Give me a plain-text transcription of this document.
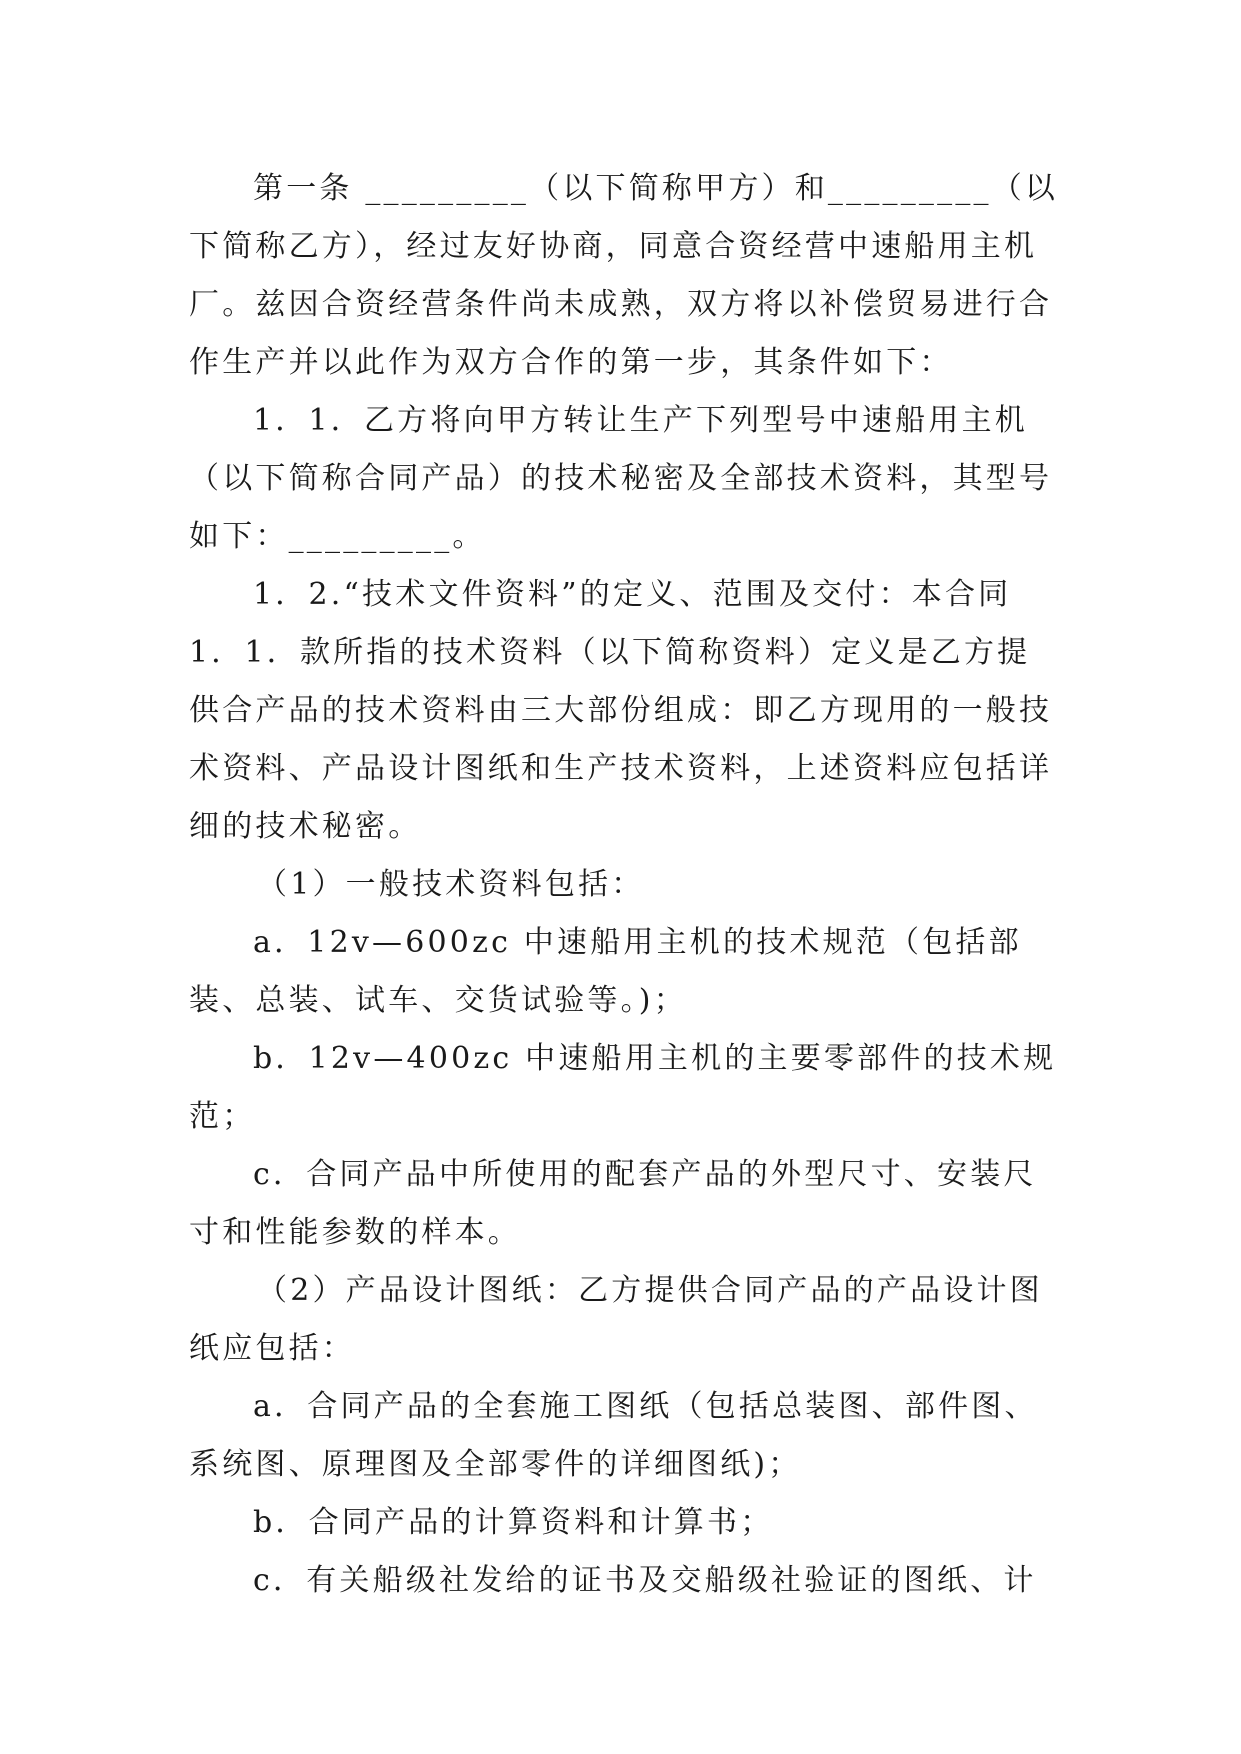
第一条 _________（以下简称甲方）和_________（以下简称乙方），经过友好协商，同意合资经营中速船用主机厂。兹因合资经营条件尚未成熟，双方将以补偿贸易进行合作生产并以此作为双方合作的第一步，其条件如下：

1．1．乙方将向甲方转让生产下列型号中速船用主机（以下简称合同产品）的技术秘密及全部技术资料，其型号如下：_________。

1．2.“技术文件资料”的定义、范围及交付：本合同1．1．款所指的技术资料（以下简称资料）定义是乙方提供合产品的技术资料由三大部份组成：即乙方现用的一般技术资料、产品设计图纸和生产技术资料，上述资料应包括详细的技术秘密。

（1）一般技术资料包括：

a．12v—600zc 中速船用主机的技术规范（包括部装、总装、试车、交货试验等。)；

b．12v—400zc 中速船用主机的主要零部件的技术规范；

c．合同产品中所使用的配套产品的外型尺寸、安装尺寸和性能参数的样本。

（2）产品设计图纸：乙方提供合同产品的产品设计图纸应包括：

a．合同产品的全套施工图纸（包括总装图、部件图、系统图、原理图及全部零件的详细图纸)；

b．合同产品的计算资料和计算书；

c．有关船级社发给的证书及交船级社验证的图纸、计
